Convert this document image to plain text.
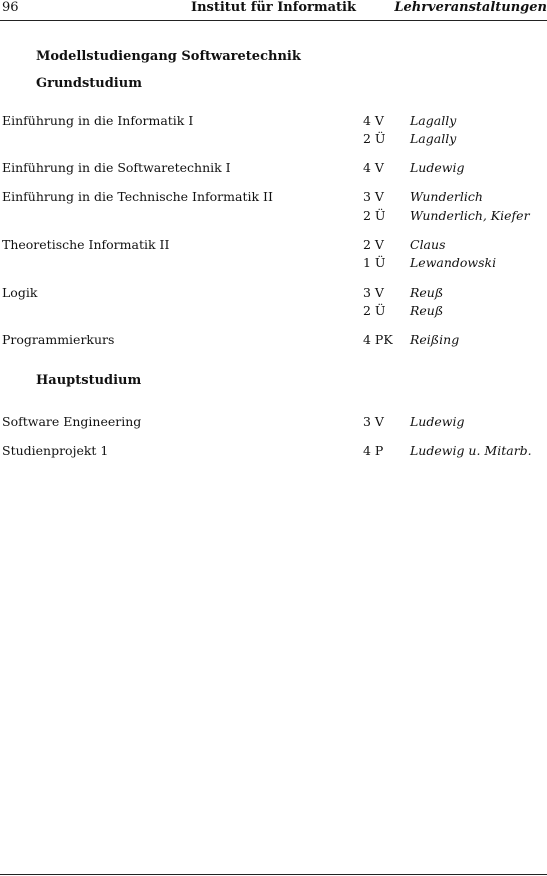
96	Institut für Informatik	Lehrveranstaltungen
Modellstudiengang Softwaretechnik
Grundstudium
Einführung in die Informatik I	4 V Lagally
2 Ü Lagally
Einführung in die Softwaretechnik I	4 V Ludewig
Einführung in die Technische Informatik II	3 V Wunderlich
2 Ü Wunderlich, Kiefer
Theoretische Informatik II	2 V Claus
1 Ü Lewandowski
Logik	3 V Reuß
2 Ü Reuß
Programmierkurs	4 PK Reißing
Hauptstudium
Software Engineering	3 V Ludewig
Studienprojekt 1	4 P Ludewig u. Mitarb.
